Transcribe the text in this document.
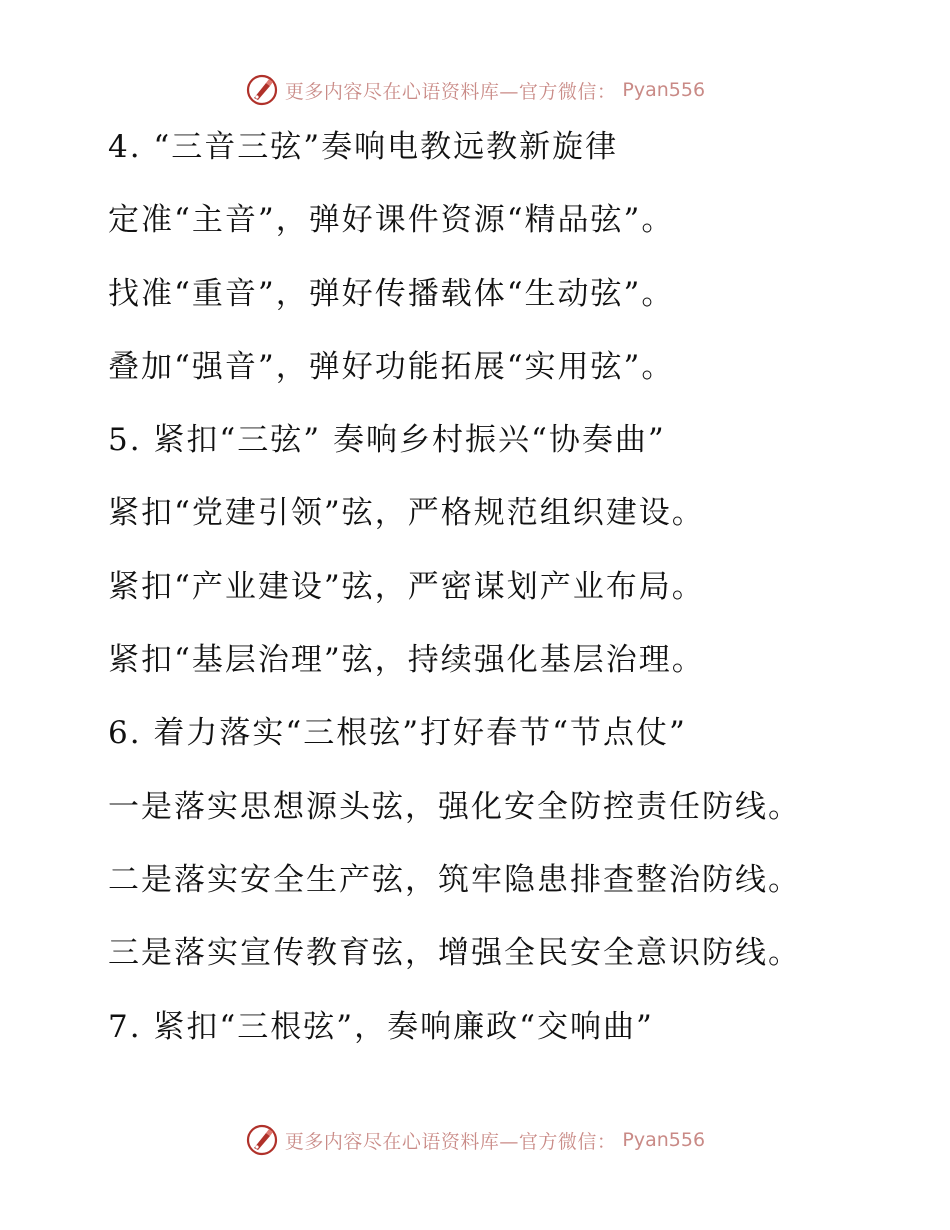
更多内容尽在心语资料库—官方微信： Pyan556
4. “三音三弦”奏响电教远教新旋律
定准“主音”，弹好课件资源“精品弦”。
找准“重音”，弹好传播载体“生动弦”。
叠加“强音”，弹好功能拓展“实用弦”。
5. 紧扣“三弦” 奏响乡村振兴“协奏曲”
紧扣“党建引领”弦，严格规范组织建设。
紧扣“产业建设”弦，严密谋划产业布局。
紧扣“基层治理”弦，持续强化基层治理。
6. 着力落实“三根弦”打好春节“节点仗”
一是落实思想源头弦，强化安全防控责任防线。
二是落实安全生产弦，筑牢隐患排查整治防线。
三是落实宣传教育弦，增强全民安全意识防线。
7. 紧扣“三根弦”，奏响廉政“交响曲”
更多内容尽在心语资料库—官方微信： Pyan556
